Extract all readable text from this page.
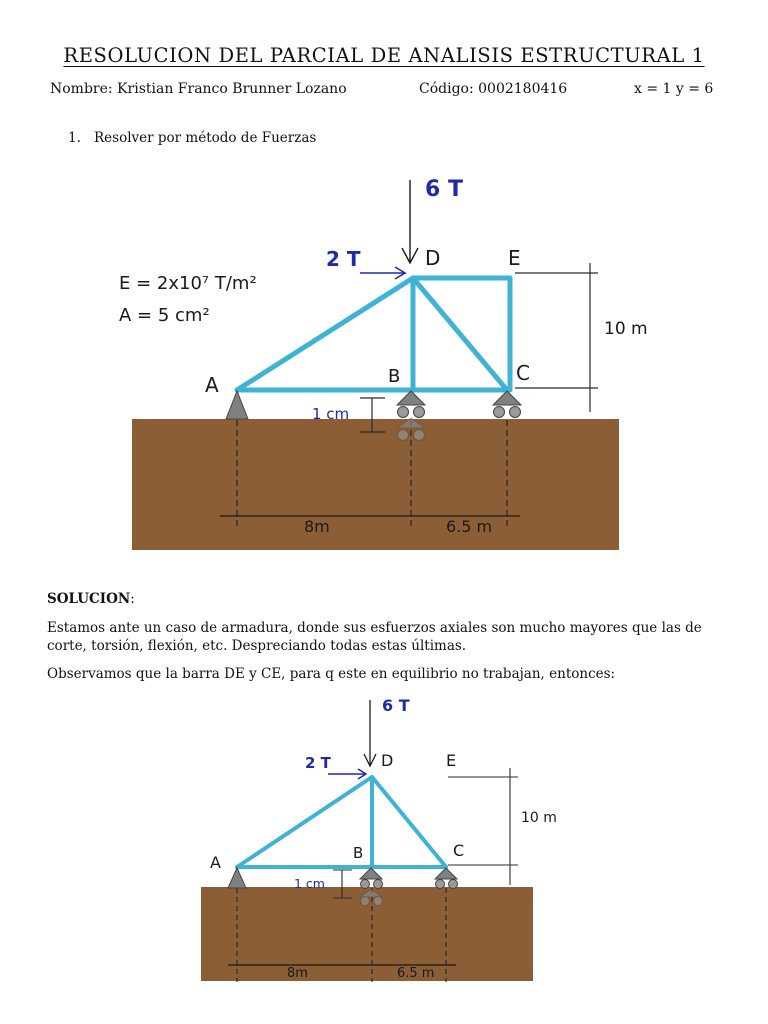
RESOLUCION DEL PARCIAL DE ANALISIS ESTRUCTURAL 1
Nombre: Kristian Franco Brunner Lozano	Código: 0002180416	x = 1 y = 6
1. Resolver por método de Fuerzas
8m	6.5 m
10 m
1 cm
6 T
2 T
E = 2x10⁷ T/m²
A = 5 cm²
A	B	C
D	E
SOLUCION:
Estamos ante un caso de armadura, donde sus esfuerzos axiales son mucho mayores que las de corte, torsión, flexión, etc. Despreciando todas estas últimas.
Observamos que la barra DE y CE, para q este en equilibrio no trabajan, entonces:
8m	6.5 m
10 m
1 cm
6 T
2 T
A	B	C
D	E
